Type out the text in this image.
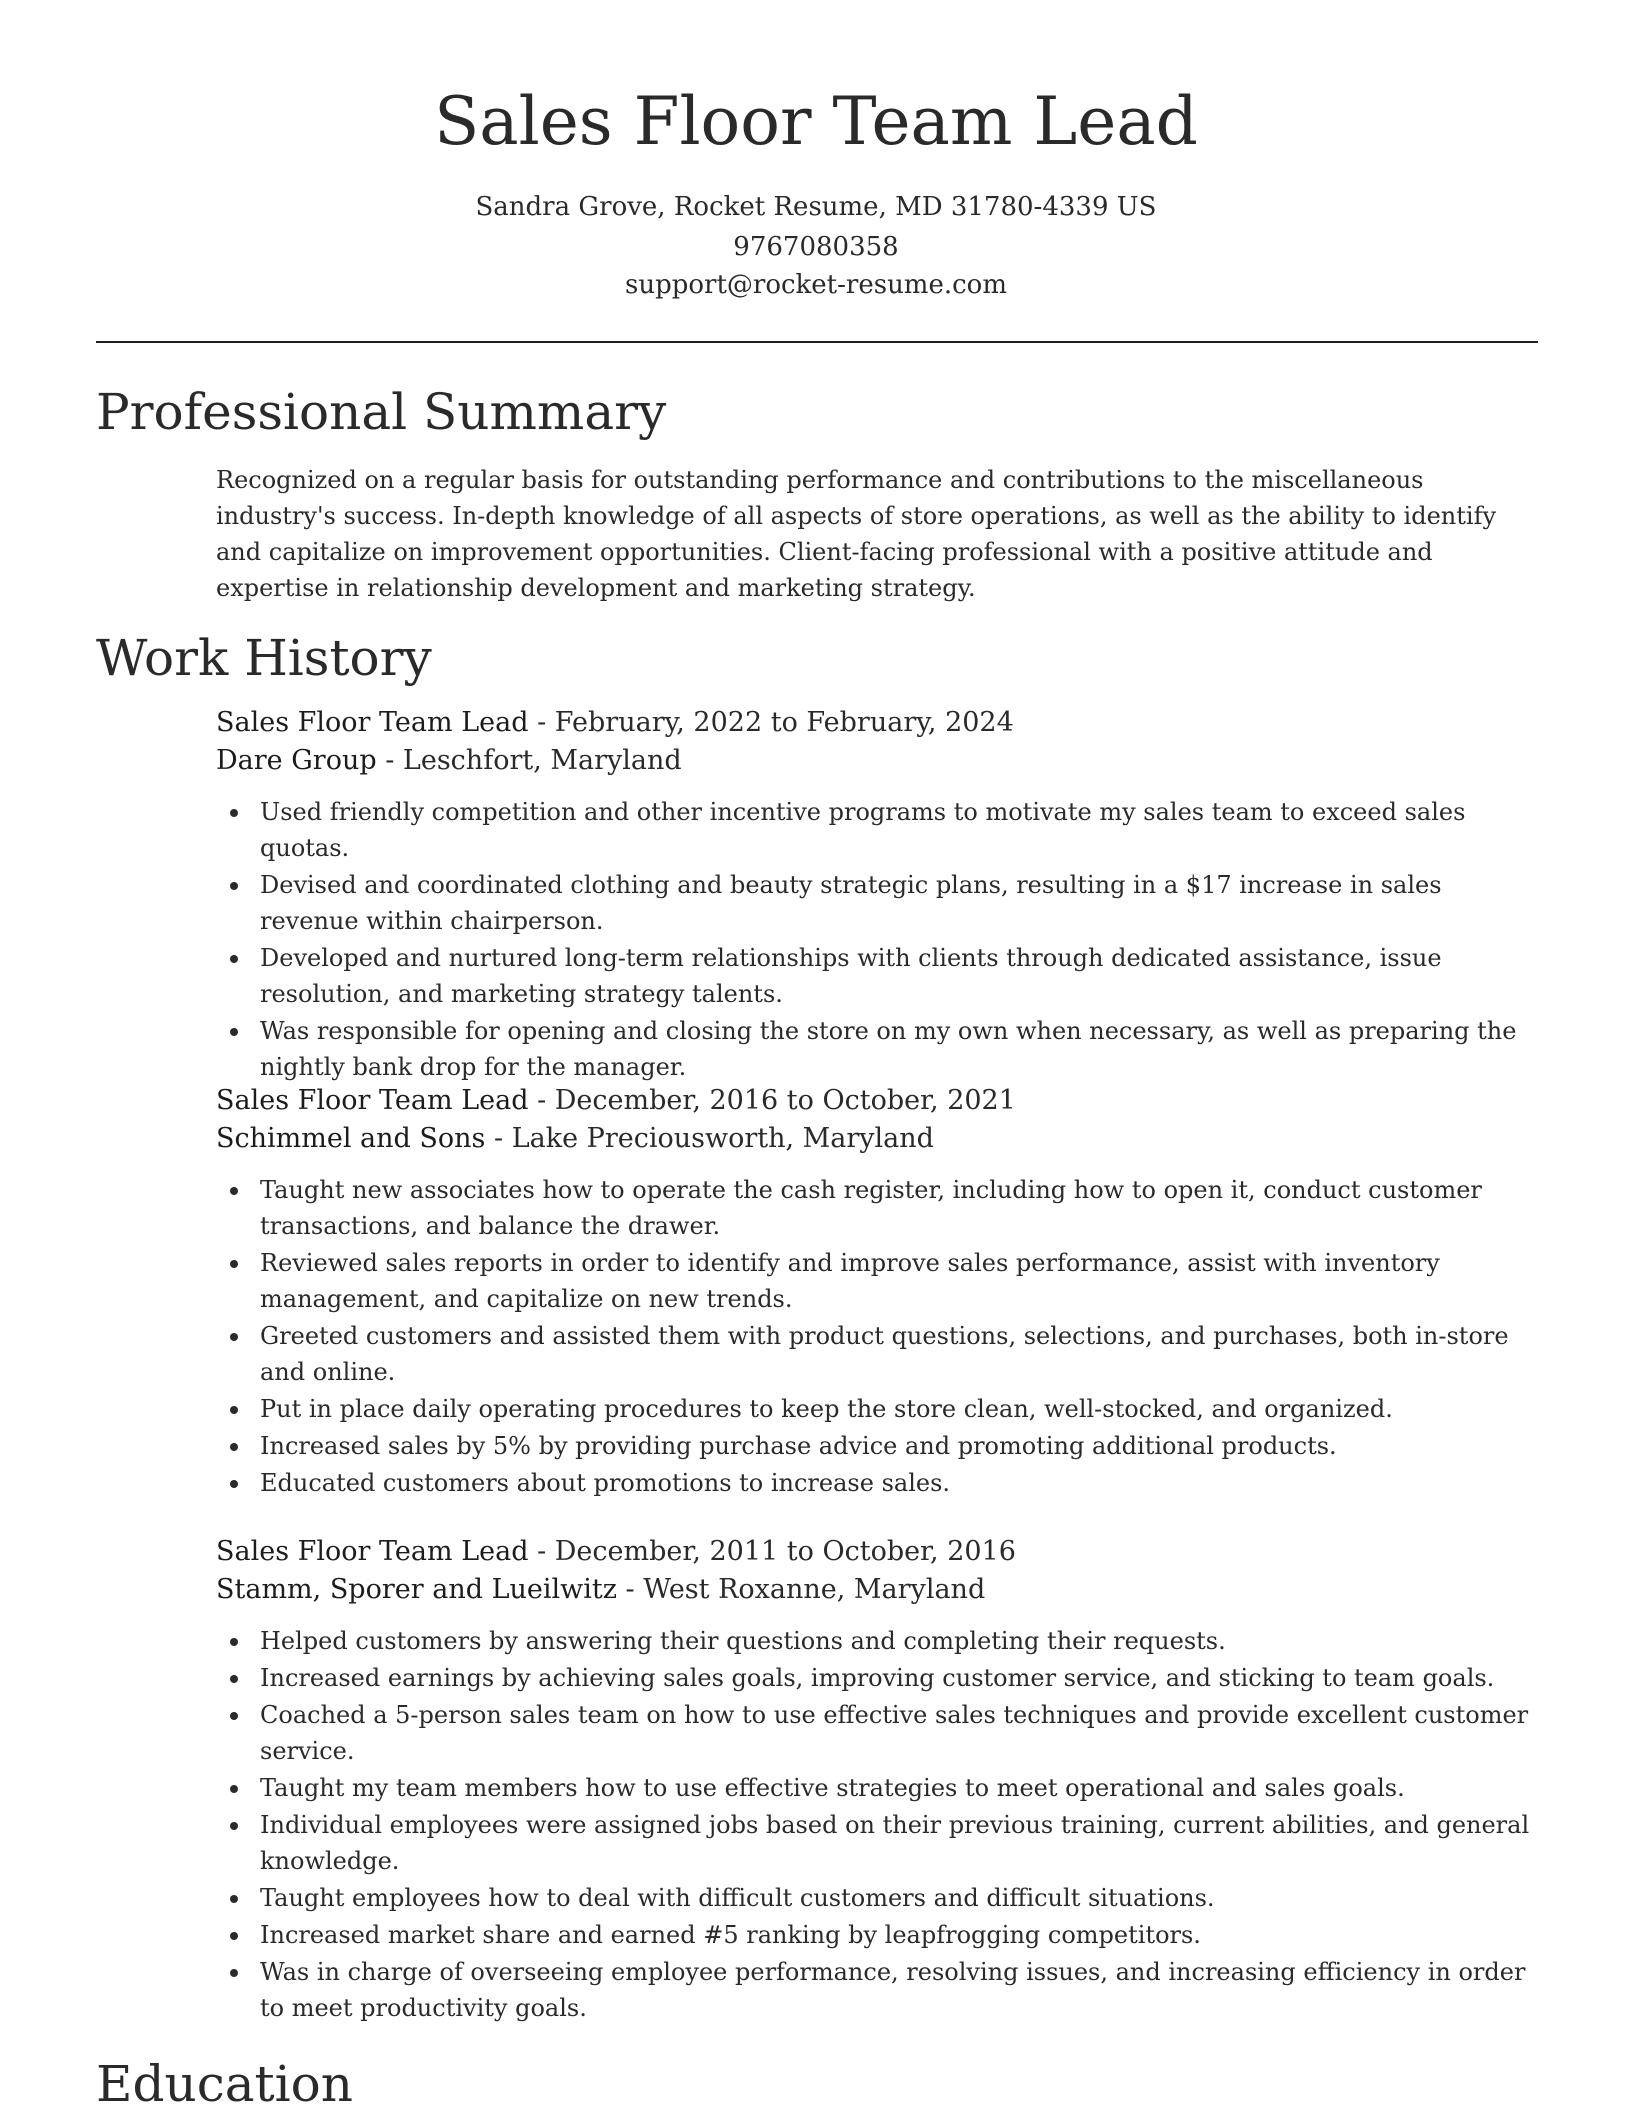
Sales Floor Team Lead
Sandra Grove, Rocket Resume, MD 31780-4339 US
9767080358
support@rocket-resume.com
Professional Summary

Recognized on a regular basis for outstanding performance and contributions to the miscellaneous industry's success. In-depth knowledge of all aspects of store operations, as well as the ability to identify and capitalize on improvement opportunities. Client-facing professional with a positive attitude and expertise in relationship development and marketing strategy.

Work History

Sales Floor Team Lead - February, 2022 to February, 2024

Dare Group - Leschfort, Maryland

Used friendly competition and other incentive programs to motivate my sales team to exceed sales quotas.
Devised and coordinated clothing and beauty strategic plans, resulting in a $17 increase in sales revenue within chairperson.
Developed and nurtured long-term relationships with clients through dedicated assistance, issue resolution, and marketing strategy talents.
Was responsible for opening and closing the store on my own when necessary, as well as preparing the nightly bank drop for the manager.

Sales Floor Team Lead - December, 2016 to October, 2021

Schimmel and Sons - Lake Preciousworth, Maryland

Taught new associates how to operate the cash register, including how to open it, conduct customer transactions, and balance the drawer.
Reviewed sales reports in order to identify and improve sales performance, assist with inventory management, and capitalize on new trends.
Greeted customers and assisted them with product questions, selections, and purchases, both in-store and online.
Put in place daily operating procedures to keep the store clean, well-stocked, and organized.
Increased sales by 5% by providing purchase advice and promoting additional products.
Educated customers about promotions to increase sales.

Sales Floor Team Lead - December, 2011 to October, 2016

Stamm, Sporer and Lueilwitz - West Roxanne, Maryland

Helped customers by answering their questions and completing their requests.
Increased earnings by achieving sales goals, improving customer service, and sticking to team goals.
Coached a 5-person sales team on how to use effective sales techniques and provide excellent customer service.
Taught my team members how to use effective strategies to meet operational and sales goals.
Individual employees were assigned jobs based on their previous training, current abilities, and general knowledge.
Taught employees how to deal with difficult customers and difficult situations.
Increased market share and earned #5 ranking by leapfrogging competitors.
Was in charge of overseeing employee performance, resolving issues, and increasing efficiency in order to meet productivity goals.
Education
